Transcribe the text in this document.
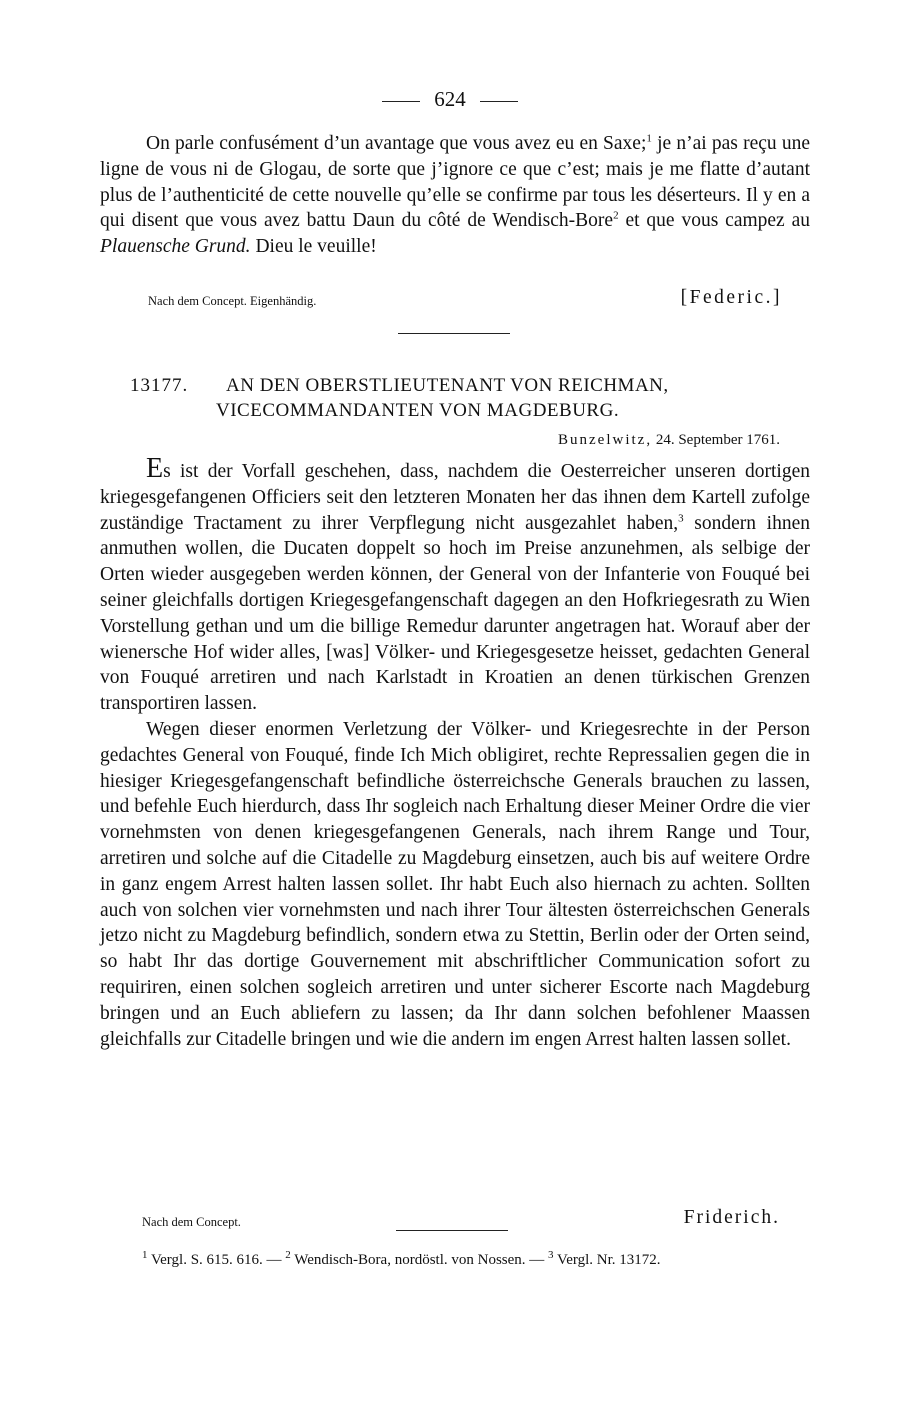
624

On parle confusément d’un avantage que vous avez eu en Saxe;$^1$ je n’ai pas reçu une ligne de vous ni de Glogau, de sorte que j’ignore ce que c’est; mais je me flatte d’autant plus de l’authenticité de cette nouvelle qu’elle se confirme par tous les déserteurs. Il y en a qui disent que vous avez battu Daun du côté de Wendisch-Bore$^2$ et que vous campez au Plauensche Grund. Dieu le veuille!

Nach dem Concept. Eigenhändig.	[Federic.]
13177. AN DEN OBERSTLIEUTENANT VON REICHMAN,
VICECOMMANDANTEN VON MAGDEBURG.
Bunzelwitz, 24. September 1761.

Es ist der Vorfall geschehen, dass, nachdem die Oesterreicher unseren dortigen kriegesgefangenen Officiers seit den letzteren Monaten her das ihnen dem Kartell zufolge zuständige Tractament zu ihrer Verpflegung nicht ausgezahlet haben,$^3$ sondern ihnen anmuthen wollen, die Ducaten doppelt so hoch im Preise anzunehmen, als selbige der Orten wieder ausgegeben werden können, der General von der Infanterie von Fouqué bei seiner gleichfalls dortigen Kriegesgefangenschaft dagegen an den Hofkriegesrath zu Wien Vorstellung gethan und um die billige Remedur darunter angetragen hat. Worauf aber der wienersche Hof wider alles, [was] Völker- und Kriegesgesetze heisset, gedachten General von Fouqué arretiren und nach Karlstadt in Kroatien an denen türkischen Grenzen transportiren lassen.

Wegen dieser enormen Verletzung der Völker- und Kriegesrechte in der Person gedachtes General von Fouqué, finde Ich Mich obligiret, rechte Repressalien gegen die in hiesiger Kriegesgefangenschaft befindliche österreichsche Generals brauchen zu lassen, und befehle Euch hierdurch, dass Ihr sogleich nach Erhaltung dieser Meiner Ordre die vier vornehmsten von denen kriegesgefangenen Generals, nach ihrem Range und Tour, arretiren und solche auf die Citadelle zu Magdeburg einsetzen, auch bis auf weitere Ordre in ganz engem Arrest halten lassen sollet. Ihr habt Euch also hiernach zu achten. Sollten auch von solchen vier vornehmsten und nach ihrer Tour ältesten österreichschen Generals jetzo nicht zu Magdeburg befindlich, sondern etwa zu Stettin, Berlin oder der Orten seind, so habt Ihr das dortige Gouvernement mit abschriftlicher Communication sofort zu requiriren, einen solchen sogleich arretiren und unter sicherer Escorte nach Magdeburg bringen und an Euch abliefern zu lassen; da Ihr dann solchen befohlener Maassen gleichfalls zur Citadelle bringen und wie die andern im engen Arrest halten lassen sollet.

Nach dem Concept.	Friderich.
$^1$ Vergl. S. 615. 616. — $^2$ Wendisch-Bora, nordöstl. von Nossen. — $^3$ Vergl. Nr. 13172.
